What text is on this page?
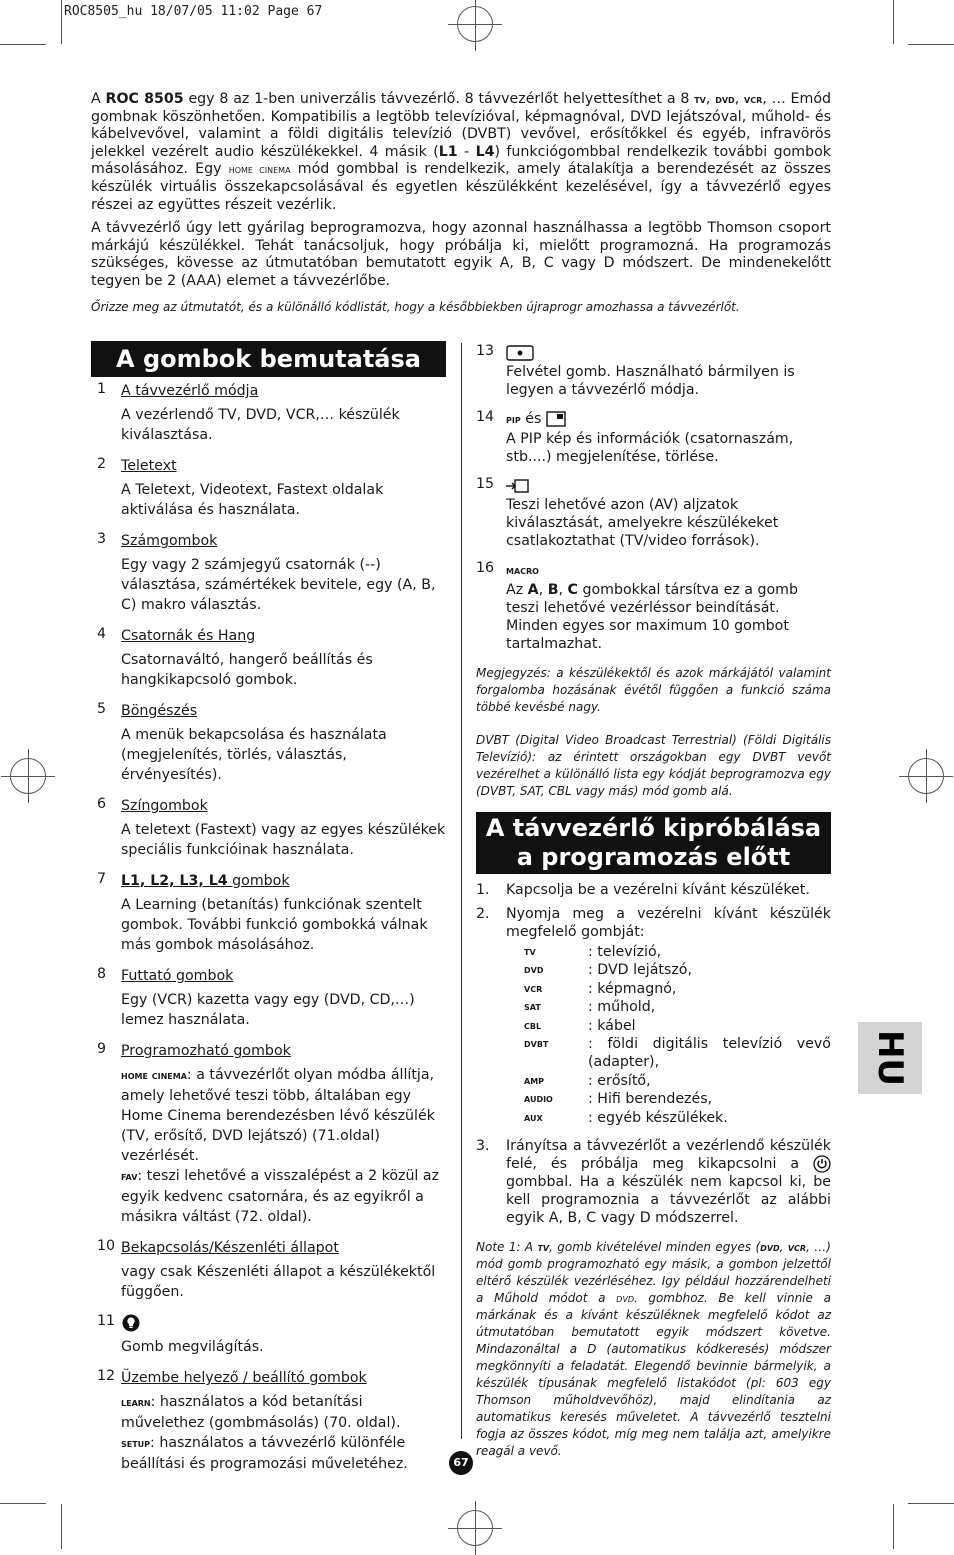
ROC8505_hu 18/07/05 11:02 Page 67

A ROC 8505 egy 8 az 1-ben univerzális távvezérlő. 8 távvezérlőt helyettesíthet a 8 tv, dvd, vcr, … Emód gombnak köszönhetően. Kompatibilis a legtöbb televízióval, képmagnóval, DVD lejátszóval, műhold- és kábelvevővel, valamint a földi digitális televízió (DVBT) vevővel, erősítőkkel és egyéb, infravörös jelekkel vezérelt audio készülékekkel. 4 másik (L1 - L4) funkciógombbal rendelkezik további gombok másolásához. Egy home cinema mód gombbal is rendelkezik, amely átalakítja a berendezését az összes készülék virtuális összekapcsolásával és egyetlen készülékként kezelésével, így a távvezérlő egyes részei az együttes részeit vezérlik.

A távvezérlő úgy lett gyárilag beprogramozva, hogy azonnal használhassa a legtöbb Thomson csoport márkájú készülékkel. Tehát tanácsoljuk, hogy próbálja ki, mielőtt programozná. Ha programozás szükséges, kövesse az útmutatóban bemutatott egyik A, B, C vagy D módszert. De mindenekelőtt tegyen be 2 (AAA) elemet a távvezérlőbe.

Őrizze meg az útmutatót, és a különálló kódlistát, hogy a későbbiekben újraprogr amozhassa a távvezérlőt.

A gombok bemutatása
1 A távvezérlő módja
A vezérlendő TV, DVD, VCR,… készülék kiválasztása.
2 Teletext
A Teletext, Videotext, Fastext oldalak aktiválása és használata.
3 Számgombok
Egy vagy 2 számjegyű csatornák (--) választása, számértékek bevitele, egy (A, B, C) makro választás.
4 Csatornák és Hang
Csatornaváltó, hangerő beállítás és hangkikapcsoló gombok.
5 Böngészés
A menük bekapcsolása és használata (megjelenítés, törlés, választás, érvényesítés).
6 Színgombok
A teletext (Fastext) vagy az egyes készülékek speciális funkcióinak használata.
7 L1, L2, L3, L4 gombok
A Learning (betanítás) funkciónak szentelt gombok. További funkció gombokká válnak más gombok másolásához.
8 Futtató gombok
Egy (VCR) kazetta vagy egy (DVD, CD,…) lemez használata.
9 Programozható gombok
home cinema: a távvezérlőt olyan módba állítja, amely lehetővé teszi több, általában egy Home Cinema berendezésben lévő készülék (TV, erősítő, DVD lejátszó) (71.oldal) vezérlését.
fav: teszi lehetővé a visszalépést a 2 közül az egyik kedvenc csatornára, és az egyikről a másikra váltást (72. oldal).
10 Bekapcsolás/Készenléti állapot
vagy csak Készenléti állapot a készülékektől függően.
11
Gomb megvilágítás.
12 Üzembe helyező / beállító gombok
learn: használatos a kód betanítási művelethez (gombmásolás) (70. oldal).
setup: használatos a távvezérlő különféle beállítási és programozási műveletéhez.
13
Felvétel gomb. Használható bármilyen is legyen a távvezérlő módja.
14 pip és
A PIP kép és információk (csatornaszám, stb....) megjelenítése, törlése.
15
Teszi lehetővé azon (AV) aljzatok kiválasztását, amelyekre készülékeket csatlakoztathat (TV/video források).
16 macro
Az A, B, C gombokkal társítva ez a gomb teszi lehetővé vezérléssor beindítását. Minden egyes sor maximum 10 gombot tartalmazhat.
Megjegyzés: a készülékektől és azok márkájától valamint forgalomba hozásának évétől függően a funkció száma többé kevésbé nagy.
DVBT (Digital Video Broadcast Terrestrial) (Földi Digitális Televízió): az érintett országokban egy DVBT vevőt vezérelhet a különálló lista egy kódját beprogramozva egy (DVBT, SAT, CBL vagy más) mód gomb alá.
A távvezérlő kipróbálása
a programozás előtt
1. Kapcsolja be a vezérelni kívánt készüléket.
2. Nyomja meg a vezérelni kívánt készülék megfelelő gombját:
tv	: televízió,
dvd	: DVD lejátszó,
vcr	: képmagnó,
sat	: műhold,
cbl	: kábel
dvbt	: földi digitális televízió vevő (adapter),
amp	: erősítő,
audio	: Hifi berendezés,
aux	: egyéb készülékek.
3. Irányítsa a távvezérlőt a vezérlendő készülék felé, és próbálja meg kikapcsolni a  gombbal. Ha a készülék nem kapcsol ki, be kell programoznia a távvezérlőt az alábbi egyik A, B, C vagy D módszerrel.
Note 1: A tv, gomb kivételével minden egyes (dvd, vcr, …) mód gomb programozható egy másik, a gombon jelzettől eltérő készülék vezérléséhez. Igy például hozzárendelheti a Műhold módot a dvd. gombhoz. Be kell vinnie a márkának és a kívánt készüléknek megfelelő kódot az útmutatóban bemutatott egyik módszert követve. Mindazonáltal a D (automatikus kódkeresés) módszer megkönnyíti a feladatát. Elegendő bevinnie bármelyik, a készülék típusának megfelelő listakódot (pl: 603 egy Thomson műholdvevőhöz), majd elindítania az automatikus keresés műveletet. A távvezérlő tesztelni fogja az összes kódot, míg meg nem találja azt, amelyikre reagál a vevő.
HU
67
